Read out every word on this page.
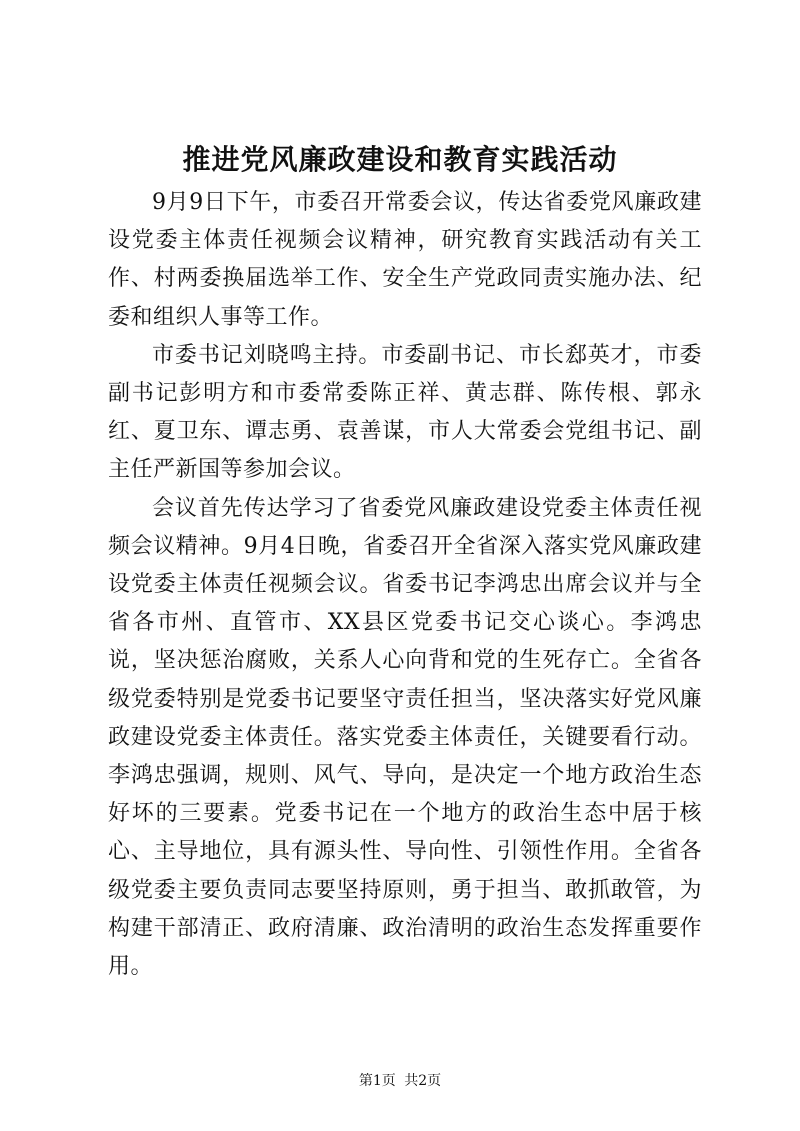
推进党风廉政建设和教育实践活动

9月9日下午，市委召开常委会议，传达省委党风廉政建设党委主体责任视频会议精神，研究教育实践活动有关工作、村两委换届选举工作、安全生产党政同责实施办法、纪委和组织人事等工作。

市委书记刘晓鸣主持。市委副书记、市长郄英才，市委副书记彭明方和市委常委陈正祥、黄志群、陈传根、郭永红、夏卫东、谭志勇、袁善谋，市人大常委会党组书记、副主任严新国等参加会议。

会议首先传达学习了省委党风廉政建设党委主体责任视频会议精神。9月4日晚，省委召开全省深入落实党风廉政建设党委主体责任视频会议。省委书记李鸿忠出席会议并与全省各市州、直管市、XX县区党委书记交心谈心。李鸿忠说，坚决惩治腐败，关系人心向背和党的生死存亡。全省各级党委特别是党委书记要坚守责任担当，坚决落实好党风廉政建设党委主体责任。落实党委主体责任，关键要看行动。李鸿忠强调，规则、风气、导向，是决定一个地方政治生态好坏的三要素。党委书记在一个地方的政治生态中居于核心、主导地位，具有源头性、导向性、引领性作用。全省各级党委主要负责同志要坚持原则，勇于担当、敢抓敢管，为构建干部清正、政府清廉、政治清明的政治生态发挥重要作用。

第1页 共2页
